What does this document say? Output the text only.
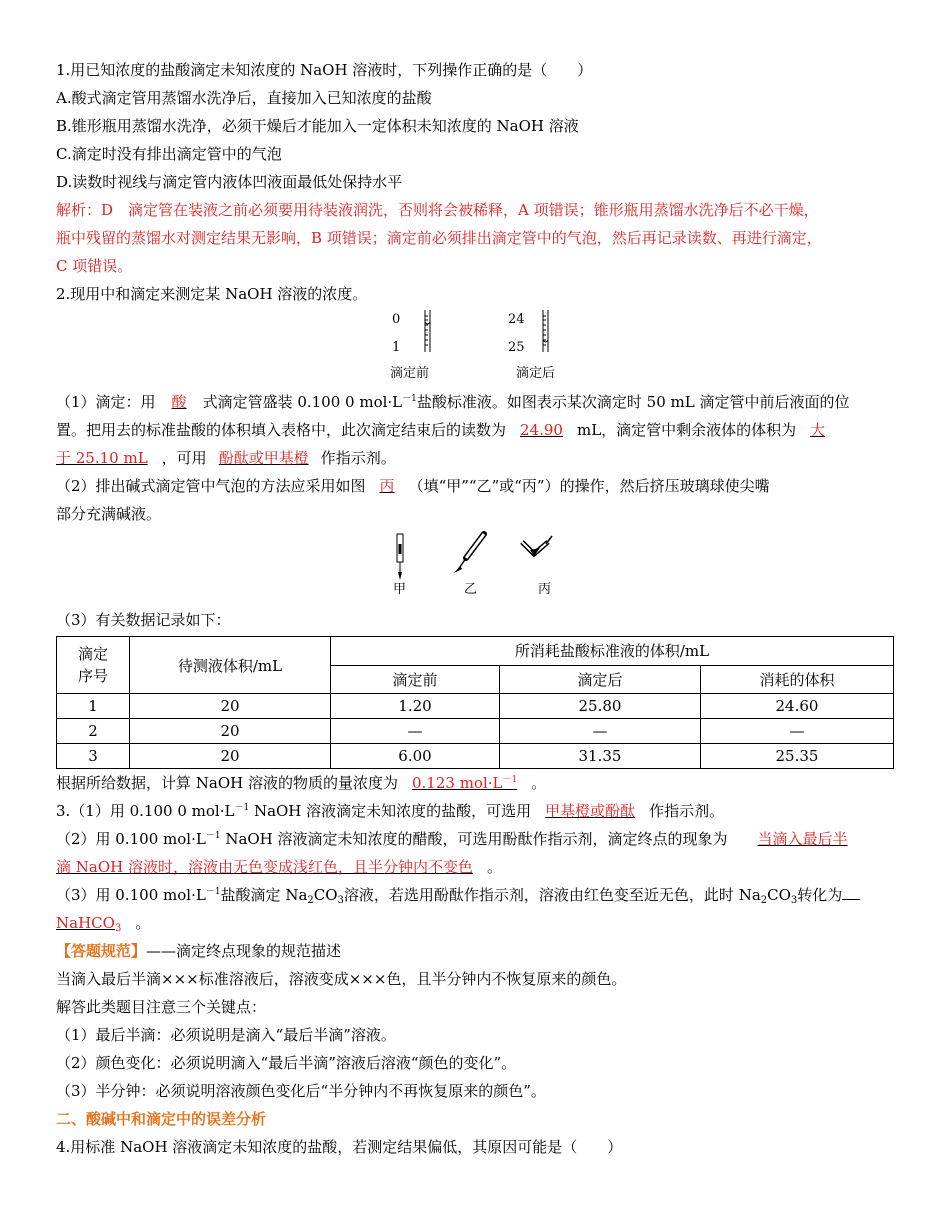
1.用已知浓度的盐酸滴定未知浓度的 NaOH 溶液时，下列操作正确的是（　　）
A.酸式滴定管用蒸馏水洗净后，直接加入已知浓度的盐酸
B.锥形瓶用蒸馏水洗净，必须干燥后才能加入一定体积未知浓度的 NaOH 溶液
C.滴定时没有排出滴定管中的气泡
D.读数时视线与滴定管内液体凹液面最低处保持水平
解析：D　滴定管在装液之前必须要用待装液润洗，否则将会被稀释，A 项错误；锥形瓶用蒸馏水洗净后不必干燥，
瓶中残留的蒸馏水对测定结果无影响，B 项错误；滴定前必须排出滴定管中的气泡，然后再记录读数、再进行滴定，
C 项错误。
2.现用中和滴定来测定某 NaOH 溶液的浓度。
0
1
24
25
滴定前	滴定后
（1）滴定：用 酸 式滴定管盛装 0.100 0 $mol\cdot L^{-1}$盐酸标准液。如图表示某次滴定时 50 mL 滴定管中前后液面的位
置。把用去的标准盐酸的体积填入表格中，此次滴定结束后的读数为 24.90 mL，滴定管中剩余液体的体积为 大
于 25.10 mL ，可用 酚酞或甲基橙 作指示剂。
（2）排出碱式滴定管中气泡的方法应采用如图 丙 （填“甲”“乙”或“丙”）的操作，然后挤压玻璃球使尖嘴
部分充满碱液。
甲	乙	丙
（3）有关数据记录如下：
滴定
序号	待测液体积/mL	所消耗盐酸标准液的体积/mL		
		滴定前	滴定后	消耗的体积
1	20	1.20	25.80	24.60
2	20	—	—	—
3	20	6.00	31.35	25.35
根据所给数据，计算 NaOH 溶液的物质的量浓度为 0.123 $mol\cdot L^{-1}$ 。
3.（1）用 0.100 0 $mol\cdot L^{-1}$ NaOH 溶液滴定未知浓度的盐酸，可选用 甲基橙或酚酞 作指示剂。
（2）用 0.100 $mol\cdot L^{-1}$ NaOH 溶液滴定未知浓度的醋酸，可选用酚酞作指示剂，滴定终点的现象为 当滴入最后半
滴 NaOH 溶液时，溶液由无色变成浅红色，且半分钟内不变色 。
（3）用 0.100 $mol\cdot L^{-1}$盐酸滴定 $Na_2CO_3$溶液，若选用酚酞作指示剂，溶液由红色变至近无色，此时 $Na_2CO_3$转化为
NaHCO$_3$ 。
【答题规范】——滴定终点现象的规范描述
当滴入最后半滴×××标准溶液后，溶液变成×××色，且半分钟内不恢复原来的颜色。
解答此类题目注意三个关键点：
（1）最后半滴：必须说明是滴入“最后半滴”溶液。
（2）颜色变化：必须说明滴入“最后半滴”溶液后溶液“颜色的变化”。
（3）半分钟：必须说明溶液颜色变化后“半分钟内不再恢复原来的颜色”。
二、酸碱中和滴定中的误差分析
4.用标准 NaOH 溶液滴定未知浓度的盐酸，若测定结果偏低，其原因可能是（　　）
